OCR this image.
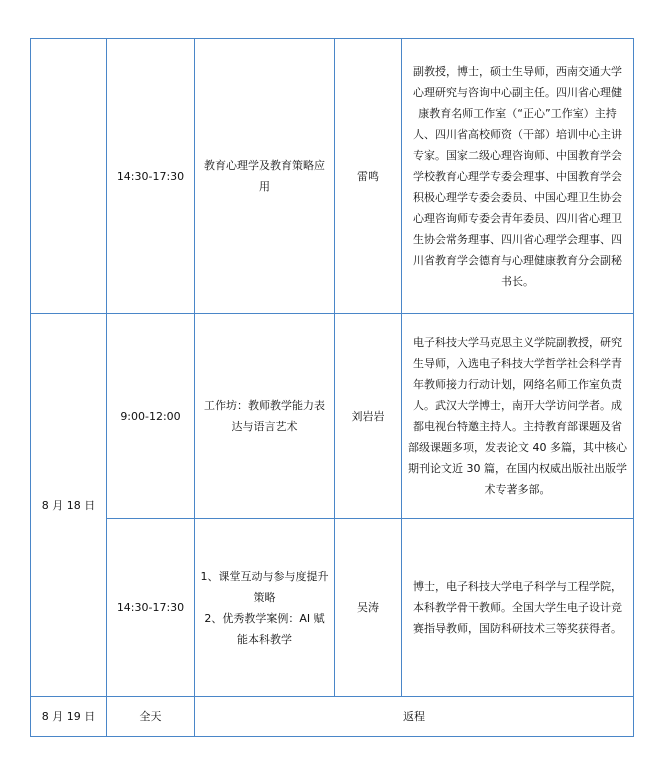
	14:30-17:30	教育心理学及教育策略应用	雷鸣	副教授，博士，硕士生导师，西南交通大学心理研究与咨询中心副主任。四川省心理健康教育名师工作室（“正心”工作室）主持人、四川省高校师资（干部）培训中心主讲专家。国家二级心理咨询师、中国教育学会学校教育心理学专委会理事、中国教育学会积极心理学专委会委员、中国心理卫生协会心理咨询师专委会青年委员、四川省心理卫生协会常务理事、四川省心理学会理事、四川省教育学会德育与心理健康教育分会副秘书长。
8 月 18 日	9:00-12:00	工作坊：教师教学能力表达与语言艺术	刘岩岩	电子科技大学马克思主义学院副教授，研究生导师，入选电子科技大学哲学社会科学青年教师接力行动计划，网络名师工作室负责人。武汉大学博士，南开大学访问学者。成都电视台特邀主持人。主持教育部课题及省部级课题多项，发表论文 40 多篇，其中核心期刊论文近 30 篇，在国内权威出版社出版学术专著多部。
	14:30-17:30	1、课堂互动与参与度提升策略
2、优秀教学案例：AI 赋能本科教学	吴涛	博士，电子科技大学电子科学与工程学院，本科教学骨干教师。全国大学生电子设计竞赛指导教师，国防科研技术三等奖获得者。
8 月 19 日	全天	返程		
